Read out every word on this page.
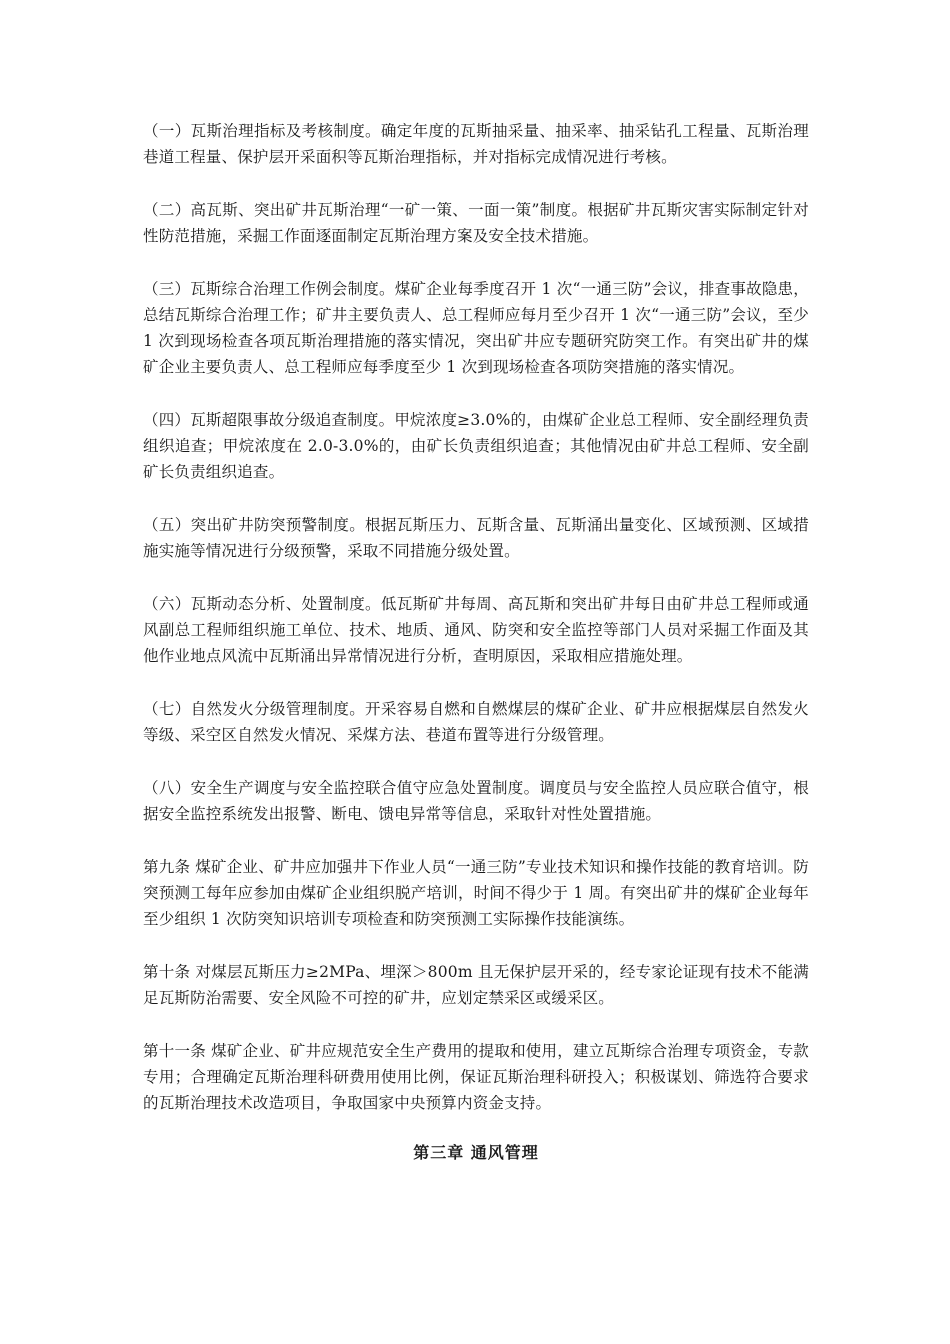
（一）瓦斯治理指标及考核制度。确定年度的瓦斯抽采量、抽采率、抽采钻孔工程量、瓦斯治理巷道工程量、保护层开采面积等瓦斯治理指标，并对指标完成情况进行考核。

（二）高瓦斯、突出矿井瓦斯治理“一矿一策、一面一策”制度。根据矿井瓦斯灾害实际制定针对性防范措施，采掘工作面逐面制定瓦斯治理方案及安全技术措施。

（三）瓦斯综合治理工作例会制度。煤矿企业每季度召开 1 次“一通三防”会议，排查事故隐患，总结瓦斯综合治理工作；矿井主要负责人、总工程师应每月至少召开 1 次“一通三防”会议，至少 1 次到现场检查各项瓦斯治理措施的落实情况，突出矿井应专题研究防突工作。有突出矿井的煤矿企业主要负责人、总工程师应每季度至少 1 次到现场检查各项防突措施的落实情况。

（四）瓦斯超限事故分级追查制度。甲烷浓度≥3.0%的，由煤矿企业总工程师、安全副经理负责组织追查；甲烷浓度在 2.0-3.0%的，由矿长负责组织追查；其他情况由矿井总工程师、安全副矿长负责组织追查。

（五）突出矿井防突预警制度。根据瓦斯压力、瓦斯含量、瓦斯涌出量变化、区域预测、区域措施实施等情况进行分级预警，采取不同措施分级处置。

（六）瓦斯动态分析、处置制度。低瓦斯矿井每周、高瓦斯和突出矿井每日由矿井总工程师或通风副总工程师组织施工单位、技术、地质、通风、防突和安全监控等部门人员对采掘工作面及其他作业地点风流中瓦斯涌出异常情况进行分析，查明原因，采取相应措施处理。

（七）自然发火分级管理制度。开采容易自燃和自燃煤层的煤矿企业、矿井应根据煤层自然发火等级、采空区自然发火情况、采煤方法、巷道布置等进行分级管理。

（八）安全生产调度与安全监控联合值守应急处置制度。调度员与安全监控人员应联合值守，根据安全监控系统发出报警、断电、馈电异常等信息，采取针对性处置措施。

第九条 煤矿企业、矿井应加强井下作业人员“一通三防”专业技术知识和操作技能的教育培训。防突预测工每年应参加由煤矿企业组织脱产培训，时间不得少于 1 周。有突出矿井的煤矿企业每年至少组织 1 次防突知识培训专项检查和防突预测工实际操作技能演练。

第十条 对煤层瓦斯压力≥2MPa、埋深＞800m 且无保护层开采的，经专家论证现有技术不能满足瓦斯防治需要、安全风险不可控的矿井，应划定禁采区或缓采区。

第十一条 煤矿企业、矿井应规范安全生产费用的提取和使用，建立瓦斯综合治理专项资金，专款专用；合理确定瓦斯治理科研费用使用比例，保证瓦斯治理科研投入；积极谋划、筛选符合要求的瓦斯治理技术改造项目，争取国家中央预算内资金支持。

第三章 通风管理
